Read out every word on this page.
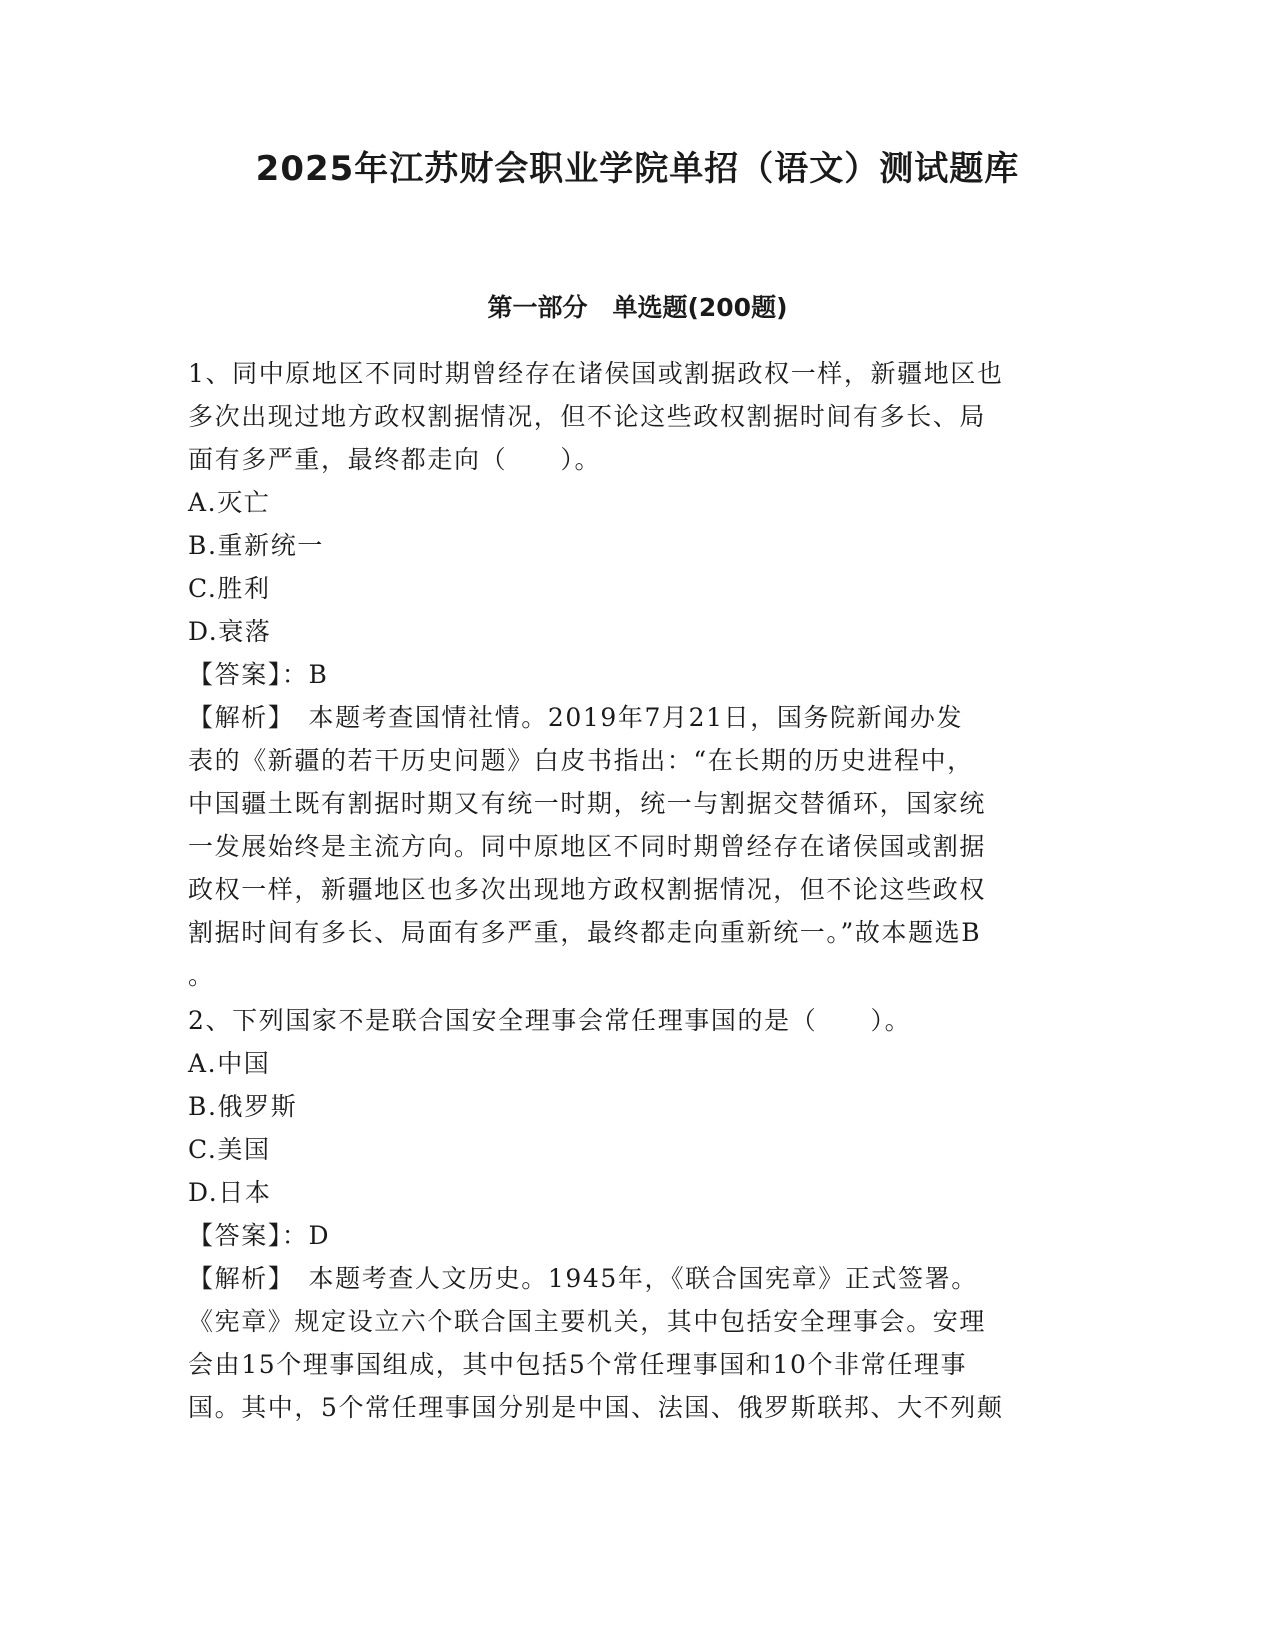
2025年江苏财会职业学院单招（语文）测试题库
第一部分　单选题(200题)

1、同中原地区不同时期曾经存在诸侯国或割据政权一样，新疆地区也

多次出现过地方政权割据情况，但不论这些政权割据时间有多长、局

面有多严重，最终都走向（　　）。

A.灭亡

B.重新统一

C.胜利

D.衰落

【答案】：B

【解析】　本题考查国情社情。2019年7月21日，国务院新闻办发

表的《新疆的若干历史问题》白皮书指出：“在长期的历史进程中，

中国疆土既有割据时期又有统一时期，统一与割据交替循环，国家统

一发展始终是主流方向。同中原地区不同时期曾经存在诸侯国或割据

政权一样，新疆地区也多次出现地方政权割据情况，但不论这些政权

割据时间有多长、局面有多严重，最终都走向重新统一。”故本题选B

。

2、下列国家不是联合国安全理事会常任理事国的是（　　）。

A.中国

B.俄罗斯

C.美国

D.日本

【答案】：D

【解析】　本题考查人文历史。1945年，《联合国宪章》正式签署。

《宪章》规定设立六个联合国主要机关，其中包括安全理事会。安理

会由15个理事国组成，其中包括5个常任理事国和10个非常任理事

国。其中，5个常任理事国分别是中国、法国、俄罗斯联邦、大不列颠
